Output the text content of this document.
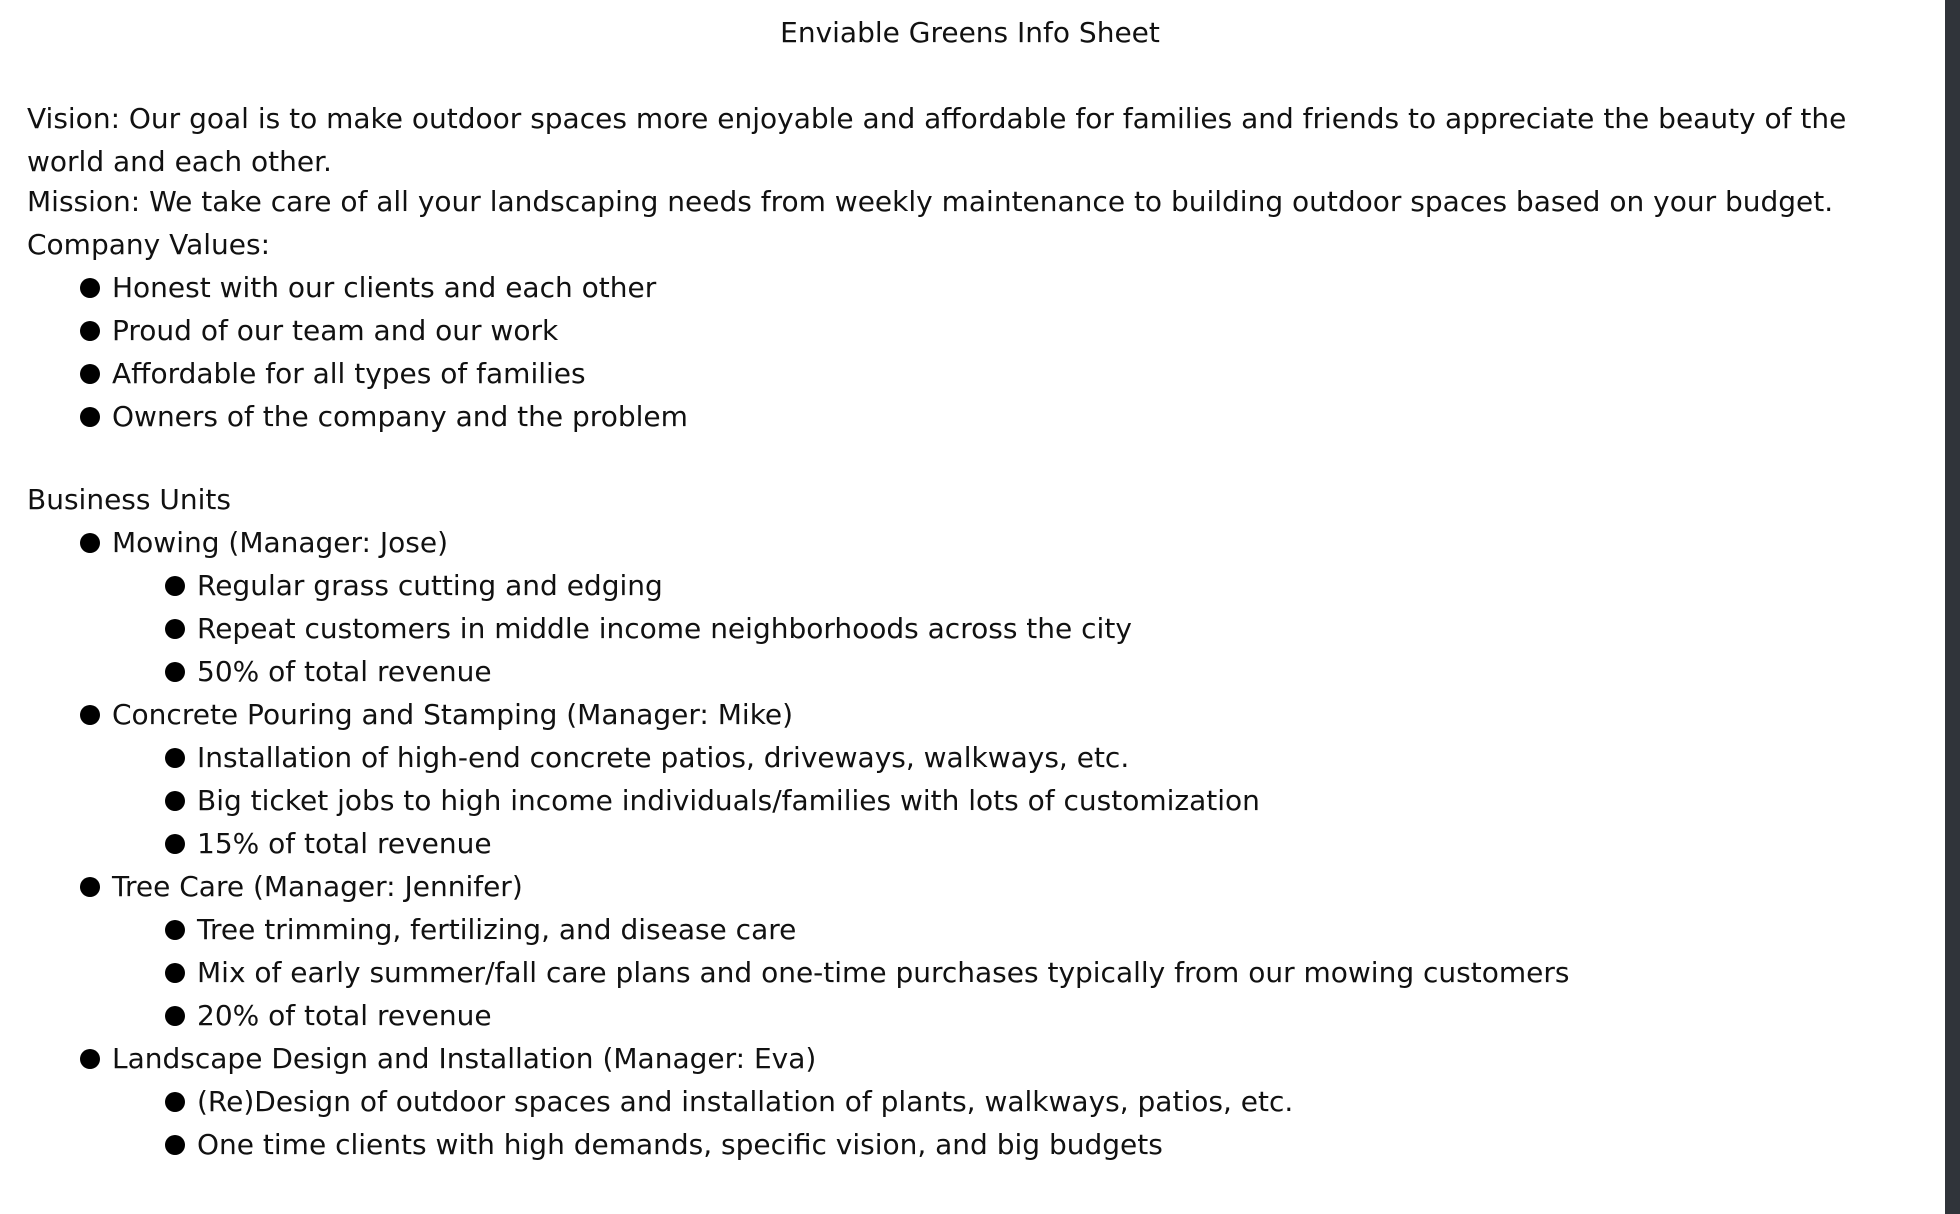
Enviable Greens Info Sheet
Vision: Our goal is to make outdoor spaces more enjoyable and affordable for families and friends to appreciate the beauty of the world and each other.
Mission: We take care of all your landscaping needs from weekly maintenance to building outdoor spaces based on your budget.
Company Values:
Honest with our clients and each other
Proud of our team and our work
Affordable for all types of families
Owners of the company and the problem
Business Units
Mowing (Manager: Jose)
Regular grass cutting and edging
Repeat customers in middle income neighborhoods across the city
50% of total revenue
Concrete Pouring and Stamping (Manager: Mike)
Installation of high-end concrete patios, driveways, walkways, etc.
Big ticket jobs to high income individuals/families with lots of customization
15% of total revenue
Tree Care (Manager: Jennifer)
Tree trimming, fertilizing, and disease care
Mix of early summer/fall care plans and one-time purchases typically from our mowing customers
20% of total revenue
Landscape Design and Installation (Manager: Eva)
(Re)Design of outdoor spaces and installation of plants, walkways, patios, etc.
One time clients with high demands, specific vision, and big budgets
